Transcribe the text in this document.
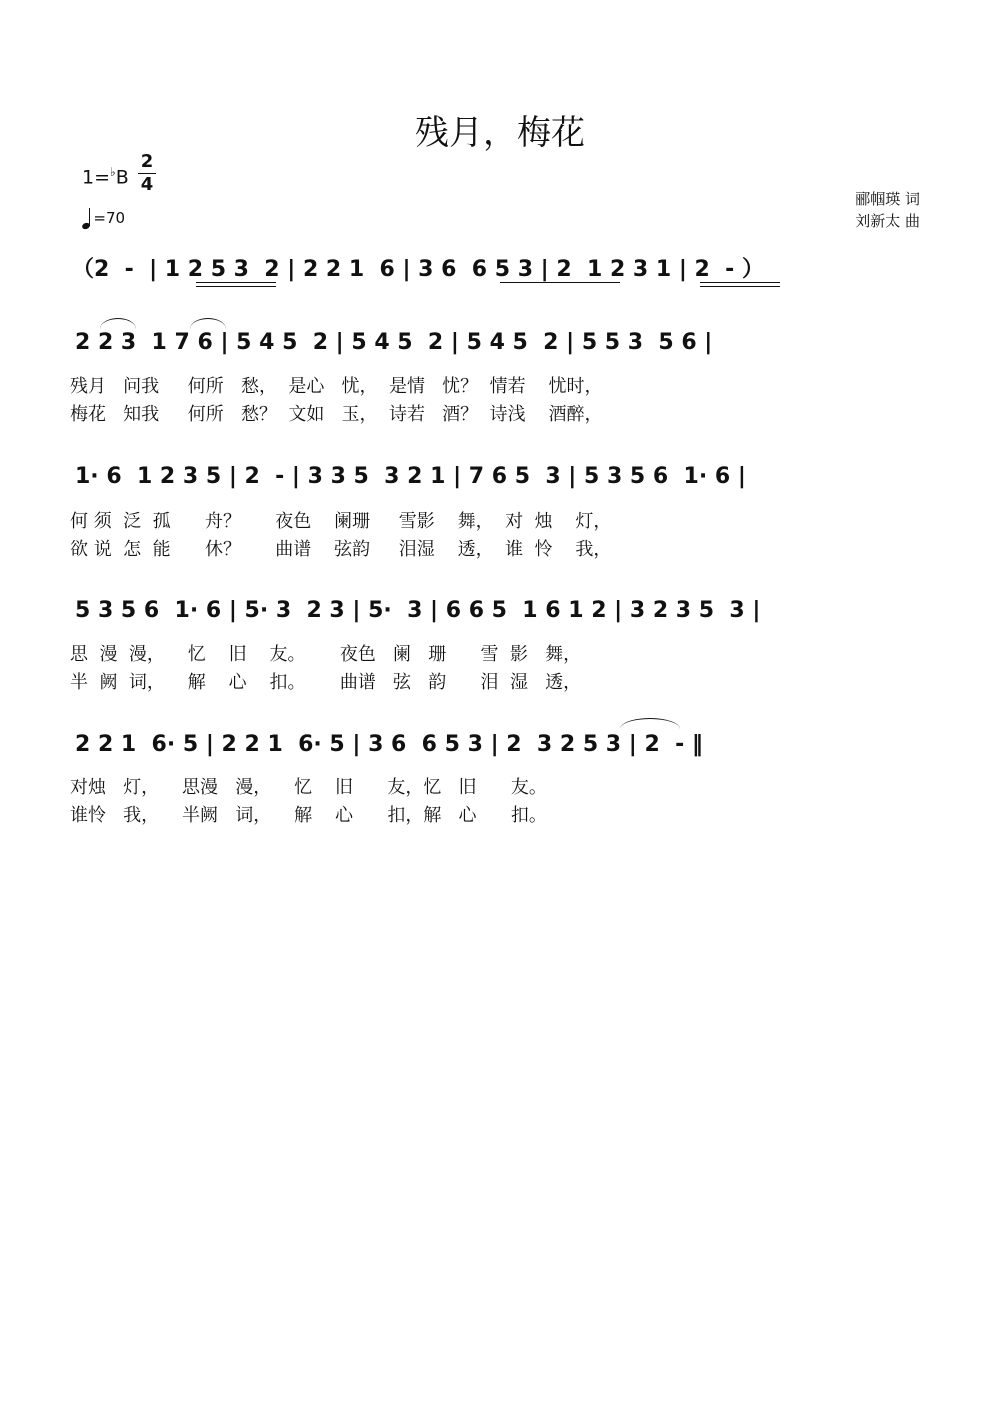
残月，梅花
1=♭B
2
4
=70
郦帼瑛 词
刘新太 曲
（2  -  | 1 2 5 3  2 | 2 2 1  6 | 3 6  6 5 3 | 2  1 2 3 1 | 2  - ）
2 2 3  1 7 6 | 5 4 5  2 | 5 4 5  2 | 5 4 5  2 | 5 5 3  5 6 |
残月   问我     何所   愁，  是心   忧，  是情   忧？  情若    忧时，
梅花   知我     何所   愁？  文如   玉，  诗若   酒？  诗浅    酒醉，
1· 6  1 2 3 5 | 2  - | 3 3 5  3 2 1 | 7 6 5  3 | 5 3 5 6  1· 6 |
何 须  泛  孤      舟？      夜色    阑珊     雪影    舞，  对  烛    灯，
欲 说  怎  能      休？      曲谱    弦韵     泪湿    透，  谁  怜    我，
5 3 5 6  1· 6 | 5· 3  2 3 | 5·  3 | 6 6 5  1 6 1 2 | 3 2 3 5  3 |
思  漫  漫，    忆    旧    友。      夜色   阑   珊      雪  影   舞，
半  阙  词，    解    心    扣。      曲谱   弦   韵      泪  湿   透，
2 2 1  6· 5 | 2 2 1  6· 5 | 3 6  6 5 3 | 2  3 2 5 3 | 2  - ‖
对烛   灯，    思漫   漫，    忆    旧      友，忆   旧      友。
谁怜   我，    半阙   词，    解    心      扣，解   心      扣。
